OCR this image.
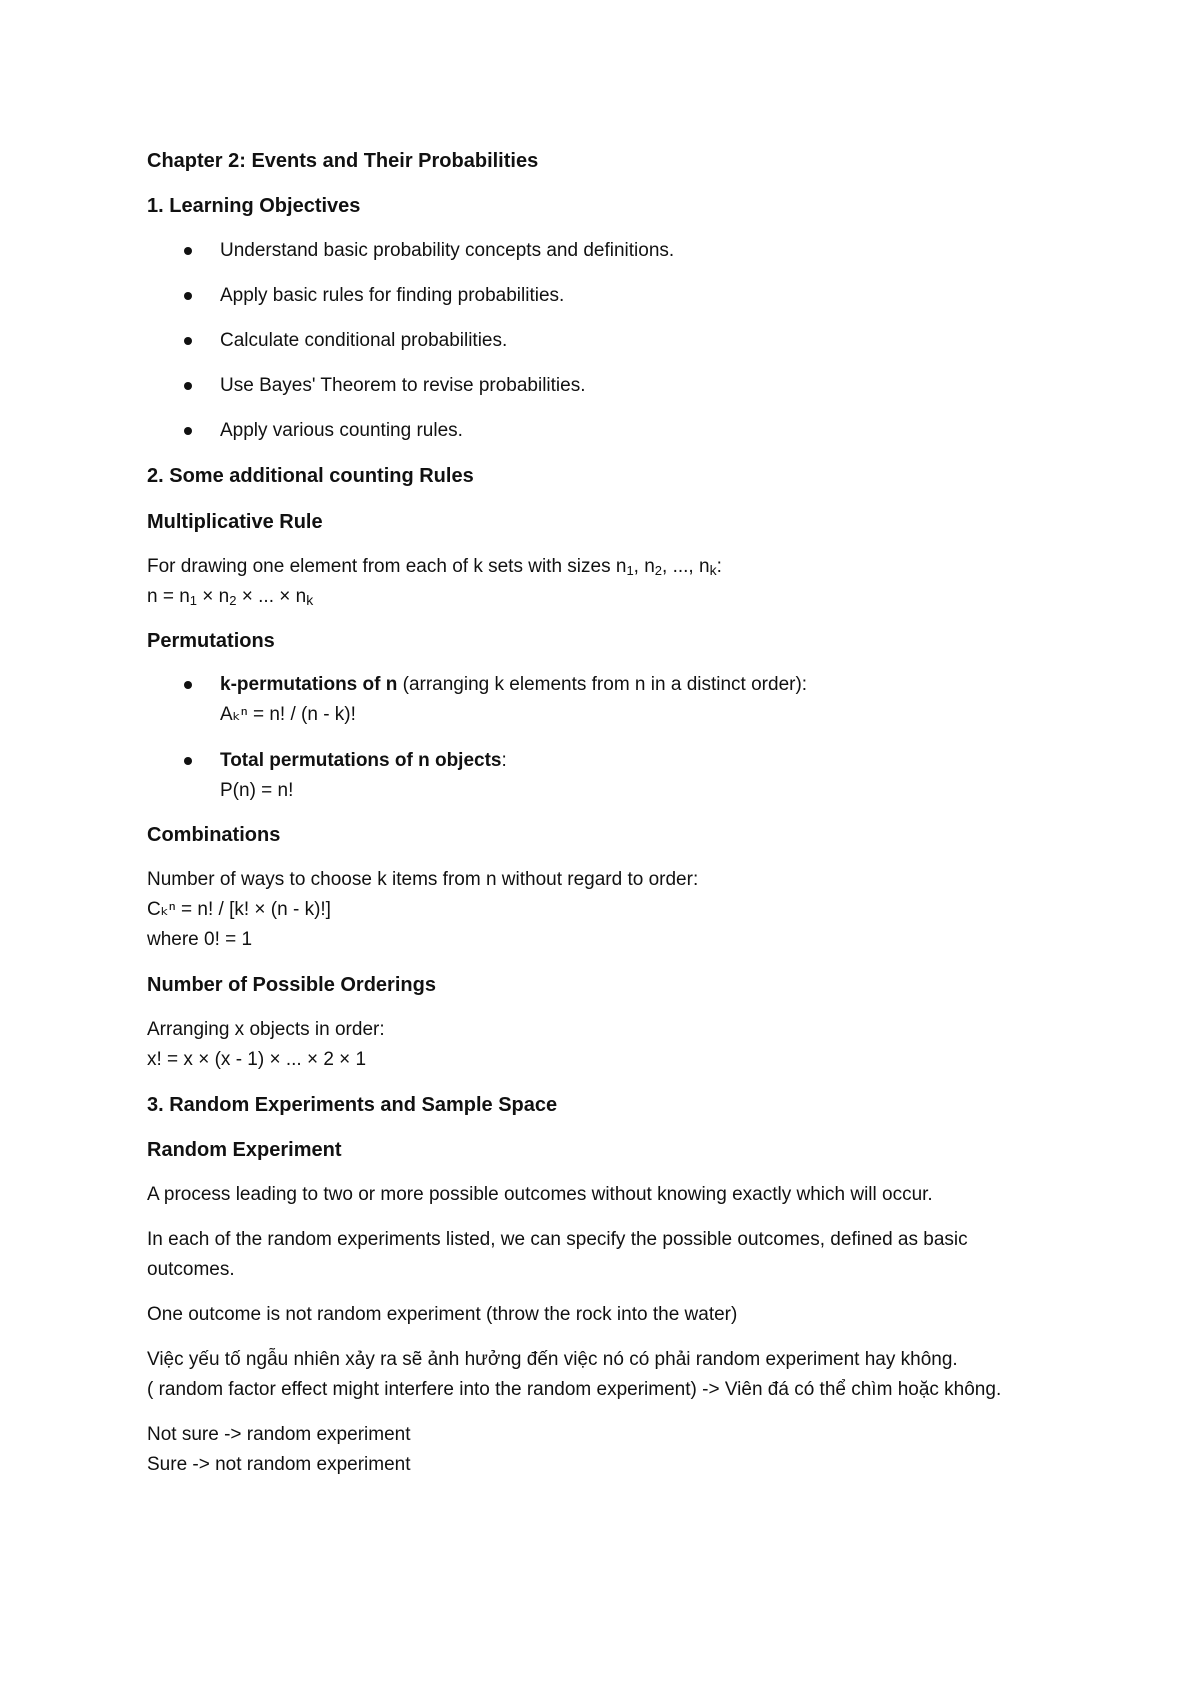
Chapter 2: Events and Their Probabilities

1. Learning Objectives

Understand basic probability concepts and definitions.
Apply basic rules for finding probabilities.
Calculate conditional probabilities.
Use Bayes' Theorem to revise probabilities.
Apply various counting rules.

2. Some additional counting Rules

Multiplicative Rule

For drawing one element from each of k sets with sizes $n_1$, $n_2$, ..., $n_k$:
$n = n_1 \times n_2$ × ... × $n_k$

Permutations

k-permutations of n (arranging k elements from n in a distinct order):
Aₖⁿ = n! / (n - k)!
Total permutations of n objects:
P(n) = n!

Combinations

Number of ways to choose k items from n without regard to order:
Cₖⁿ = n! / [k! × (n - k)!]
where 0! = 1

Number of Possible Orderings

Arranging x objects in order:
x! = x × (x - 1) × ... × 2 × 1

3. Random Experiments and Sample Space

Random Experiment

A process leading to two or more possible outcomes without knowing exactly which will occur.

In each of the random experiments listed, we can specify the possible outcomes, defined as basic outcomes.

One outcome is not random experiment (throw the rock into the water)

Việc yếu tố ngẫu nhiên xảy ra sẽ ảnh hưởng đến việc nó có phải random experiment hay không.
( random factor effect might interfere into the random experiment) -> Viên đá có thể chìm hoặc không.
Not sure -> random experiment
Sure -> not random experiment
